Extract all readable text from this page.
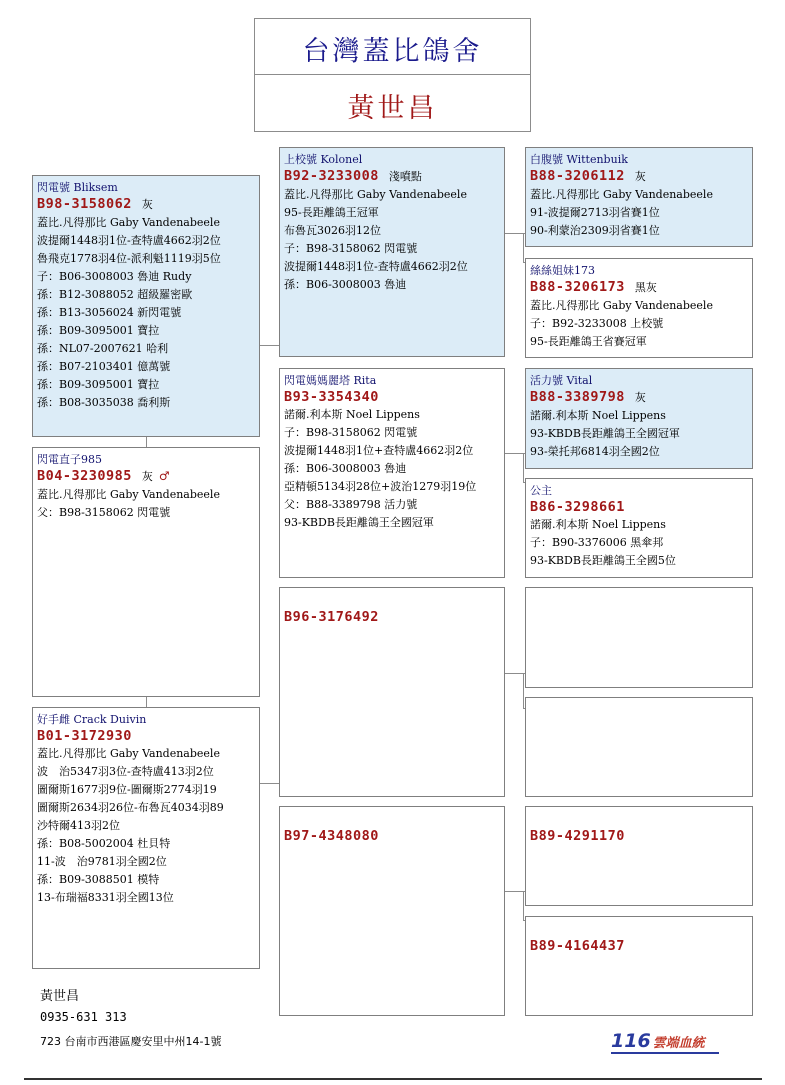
台灣蓋比鴿舍
黃世昌
閃電號 Bliksem
B98-3158062 灰
蓋比.凡得那比 Gaby Vandenabeele
波提爾1448羽1位-查特盧4662羽2位
魯飛克1778羽4位-派利魁1119羽5位
子：B06-3008003 魯迪 Rudy
孫：B12-3088052 超級羅密歐
孫：B13-3056024 新閃電號
孫：B09-3095001 寶拉
孫：NL07-2007621 哈利
孫：B07-2103401 億萬號
孫：B09-3095001 寶拉
孫：B08-3035038 喬利斯
閃電直子985
B04-3230985 灰 ♂
蓋比.凡得那比 Gaby Vandenabeele
父：B98-3158062 閃電號
好手雌 Crack Duivin
B01-3172930
蓋比.凡得那比 Gaby Vandenabeele
波　治5347羽3位-查特盧413羽2位
圖爾斯1677羽9位-圖爾斯2774羽19
圖爾斯2634羽26位-布魯瓦4034羽89
沙特爾413羽2位
孫：B08-5002004 杜貝特
11-波　治9781羽全國2位
孫：B09-3088501 模特
13-布瑞福8331羽全國13位
上校號 Kolonel
B92-3233008 淺噴點
蓋比.凡得那比 Gaby Vandenabeele
95-長距離鴿王冠軍
布魯瓦3026羽12位
子：B98-3158062 閃電號
波提爾1448羽1位-查特盧4662羽2位
孫：B06-3008003 魯迪
閃電媽媽麗塔 Rita
B93-3354340
諾爾.利本斯 Noel Lippens
子：B98-3158062 閃電號
波提爾1448羽1位+查特盧4662羽2位
孫：B06-3008003 魯迪
亞精頓5134羽28位+波治1279羽19位
父：B88-3389798 活力號
93-KBDB長距離鴿王全國冠軍
B96-3176492
B97-4348080
白腹號 Wittenbuik
B88-3206112 灰
蓋比.凡得那比 Gaby Vandenabeele
91-波提爾2713羽省賽1位
90-利蒙治2309羽省賽1位
絲絲姐妹173
B88-3206173 黑灰
蓋比.凡得那比 Gaby Vandenabeele
子：B92-3233008 上校號
95-長距離鴿王省賽冠軍
活力號 Vital
B88-3389798 灰
諾爾.利本斯 Noel Lippens
93-KBDB長距離鴿王全國冠軍
93-榮托邦6814羽全國2位
公主
B86-3298661
諾爾.利本斯 Noel Lippens
子：B90-3376006 黑傘邦
93-KBDB長距離鴿王全國5位
B89-4291170
B89-4164437
黃世昌
0935-631 313
723 台南市西港區慶安里中州14-1號	116 雲端血統
